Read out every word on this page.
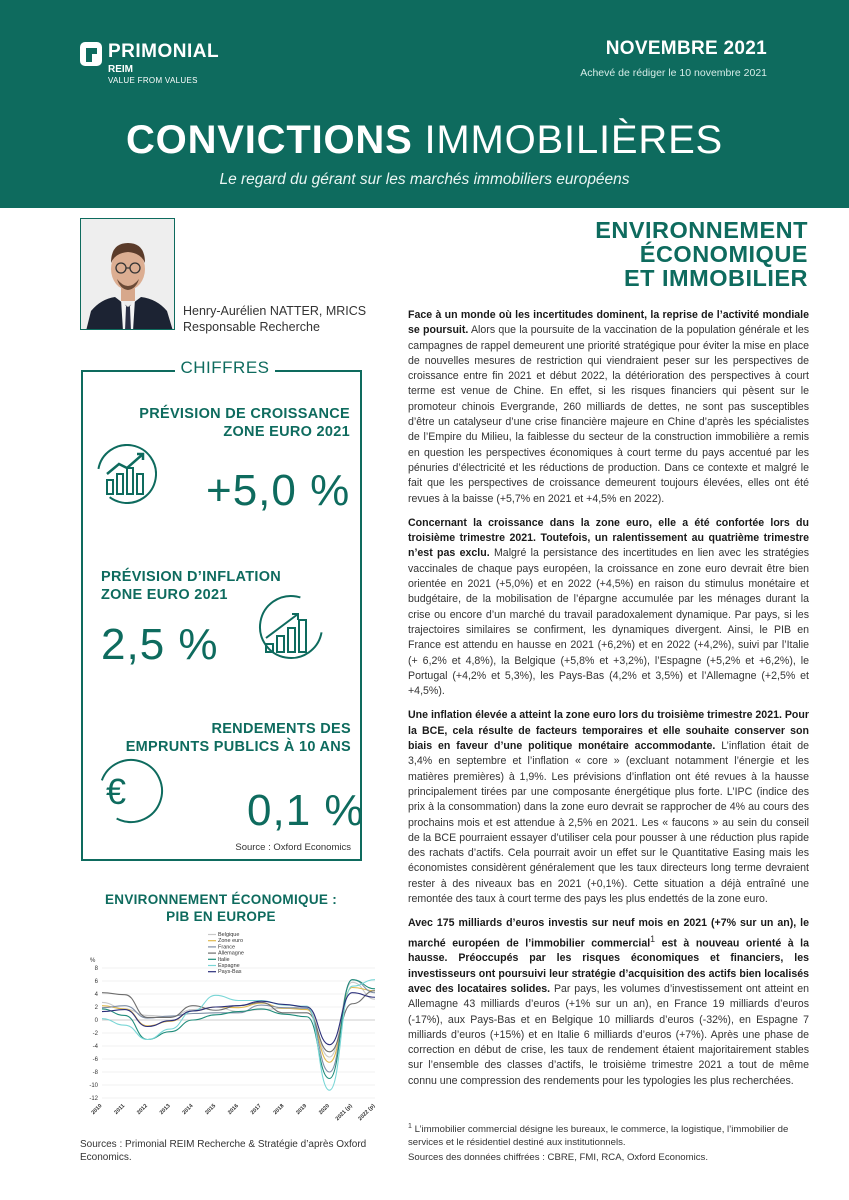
PRIMONIAL
REIM
VALUE FROM VALUES
NOVEMBRE 2021
Achevé de rédiger le 10 novembre 2021
CONVICTIONS IMMOBILIÈRES
Le regard du gérant sur les marchés immobiliers européens
Henry-Aurélien NATTER, MRICS
Responsable Recherche
CHIFFRES
PRÉVISION DE CROISSANCE
ZONE EURO 2021
+5,0 %
PRÉVISION D’INFLATION
ZONE EURO 2021
2,5 %
RENDEMENTS DES
EMPRUNTS PUBLICS À 10 ANS
€	0,1 %
Source : Oxford Economics
ENVIRONNEMENT ÉCONOMIQUE :
PIB EN EUROPE
%
8
6
4
2
0
-2
-4
-6
-8
-10
-12
2010 2011 2012 2013 2014 2015 2016 2017 2018 2019 2020 2021 (p) 2022 (p)
Belgique
Zone euro
France
Allemagne
Italie
Espagne
Pays-Bas
Sources : Primonial REIM Recherche & Stratégie d’après Oxford Economics.
ENVIRONNEMENT
ÉCONOMIQUE
ET IMMOBILIER

Face à un monde où les incertitudes dominent, la reprise de l’activité mondiale se poursuit. Alors que la poursuite de la vaccination de la population générale et les campagnes de rappel demeurent une priorité stratégique pour éviter la mise en place de nouvelles mesures de restriction qui viendraient peser sur les perspectives de croissance entre fin 2021 et début 2022, la détérioration des perspectives à court terme est venue de Chine. En effet, si les risques financiers qui pèsent sur le promoteur chinois Evergrande, 260 milliards de dettes, ne sont pas susceptibles d’être un catalyseur d’une crise financière majeure en Chine d’après les spécialistes de l’Empire du Milieu, la faiblesse du secteur de la construction immobilière a remis en question les perspectives économiques à court terme du pays accentué par les pénuries d’électricité et les réductions de production. Dans ce contexte et malgré le fait que les perspectives de croissance demeurent toujours élevées, elles ont été revues à la baisse (+5,7% en 2021 et +4,5% en 2022).

Concernant la croissance dans la zone euro, elle a été confortée lors du troisième trimestre 2021. Toutefois, un ralentissement au quatrième trimestre n’est pas exclu. Malgré la persistance des incertitudes en lien avec les stratégies vaccinales de chaque pays européen, la croissance en zone euro devrait être bien orientée en 2021 (+5,0%) et en 2022 (+4,5%) en raison du stimulus monétaire et budgétaire, de la mobilisation de l’épargne accumulée par les ménages durant la crise ou encore d’un marché du travail paradoxalement dynamique. Par pays, si les trajectoires similaires se confirment, les dynamiques divergent. Ainsi, le PIB en France est attendu en hausse en 2021 (+6,2%) et en 2022 (+4,2%), suivi par l’Italie (+ 6,2% et 4,8%), la Belgique (+5,8% et +3,2%), l’Espagne (+5,2% et +6,2%), le Portugal (+4,2% et 5,3%), les Pays-Bas (4,2% et 3,5%) et l’Allemagne (+2,5% et +4,5%).

Une inflation élevée a atteint la zone euro lors du troisième trimestre 2021. Pour la BCE, cela résulte de facteurs temporaires et elle souhaite conserver son biais en faveur d’une politique monétaire accommodante. L’inflation était de 3,4% en septembre et l’inflation « core » (excluant notamment l’énergie et les matières premières) à 1,9%. Les prévisions d’inflation ont été revues à la hausse principalement tirées par une composante énergétique plus forte. L’IPC (indice des prix à la consommation) dans la zone euro devrait se rapprocher de 4% au cours des prochains mois et est attendue à 2,5% en 2021. Les « faucons » au sein du conseil de la BCE pourraient essayer d’utiliser cela pour pousser à une réduction plus rapide des rachats d’actifs. Cela pourrait avoir un effet sur le Quantitative Easing mais les économistes considèrent généralement que les taux directeurs long terme devraient rester à des niveaux bas en 2021 (+0,1%). Cette situation a déjà entraîné une remontée des taux à court terme des pays les plus endettés de la zone euro.

Avec 175 milliards d’euros investis sur neuf mois en 2021 (+7% sur un an), le marché européen de l’immobilier commercial$^1$ est à nouveau orienté à la hausse. Préoccupés par les risques économiques et financiers, les investisseurs ont poursuivi leur stratégie d’acquisition des actifs bien localisés avec des locataires solides. Par pays, les volumes d’investissement ont atteint en Allemagne 43 milliards d’euros (+1% sur un an), en France 19 milliards d’euros (-17%), aux Pays-Bas et en Belgique 10 milliards d’euros (-32%), en Espagne 7 milliards d’euros (+15%) et en Italie 6 milliards d’euros (+7%). Après une phase de correction en début de crise, les taux de rendement étaient majoritairement stables sur l’ensemble des classes d’actifs, le troisième trimestre 2021 a tout de même connu une compression des rendements pour les typologies les plus recherchées.

$^1$ L’immobilier commercial désigne les bureaux, le commerce, la logistique, l’immobilier de services et le résidentiel destiné aux institutionnels.
Sources des données chiffrées : CBRE, FMI, RCA, Oxford Economics.
